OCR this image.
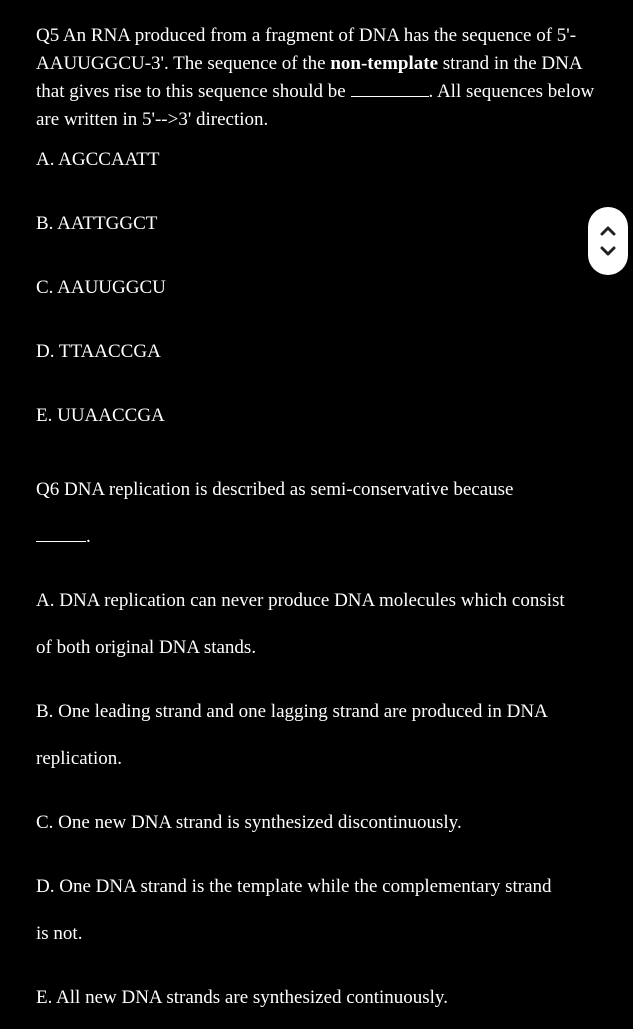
Q5 An RNA produced from a fragment of DNA has the sequence of 5'-AAUUGGCU-3'. The sequence of the non-template strand in the DNA that gives rise to this sequence should be	. All sequences below are written in 5'-->3' direction.

A. AGCCAATT

B. AATTGGCT

C. AAUUGGCU

D. TTAACCGA

E. UUAACCGA

Q6 DNA replication is described as semi-conservative because
.

A. DNA replication can never produce DNA molecules which consist of both original DNA stands.

B. One leading strand and one lagging strand are produced in DNA replication.

C. One new DNA strand is synthesized discontinuously.

D. One DNA strand is the template while the complementary strand is not.

E. All new DNA strands are synthesized continuously.
